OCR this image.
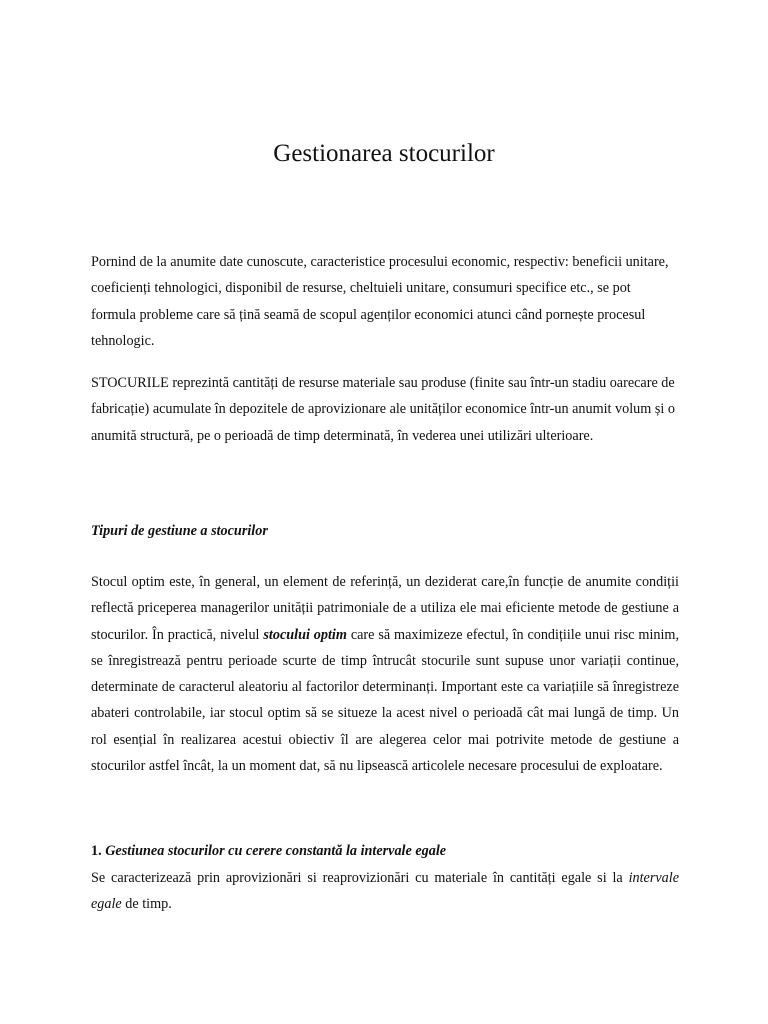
Gestionarea stocurilor

Pornind de la anumite date cunoscute, caracteristice procesului economic, respectiv: beneficii unitare, coeficienți tehnologici, disponibil de resurse, cheltuieli unitare, consumuri specifice etc., se pot formula probleme care să țină seamă de scopul agenților economici atunci când pornește procesul tehnologic.

STOCURILE reprezintă cantități de resurse materiale sau produse (finite sau într-un stadiu oarecare de fabricație) acumulate în depozitele de aprovizionare ale unităților economice într-un anumit volum și o anumită structură, pe o perioadă de timp determinată, în vederea unei utilizări ulterioare.

Tipuri de gestiune a stocurilor

Stocul optim este, în general, un element de referință, un deziderat care,în funcție de anumite condiții reflectă priceperea managerilor unității patrimoniale de a utiliza ele mai eficiente metode de gestiune a stocurilor. În practică, nivelul stocului optim care să maximizeze efectul, în condițiile unui risc minim, se înregistrează pentru perioade scurte de timp întrucât stocurile sunt supuse unor variații continue, determinate de caracterul aleatoriu al factorilor determinanți. Important este ca variațiile să înregistreze abateri controlabile, iar stocul optim să se situeze la acest nivel o perioadă cât mai lungă de timp. Un rol esențial în realizarea acestui obiectiv îl are alegerea celor mai potrivite metode de gestiune a stocurilor astfel încât, la un moment dat, să nu lipsească articolele necesare procesului de exploatare.

1. Gestiunea stocurilor cu cerere constantă la intervale egale

Se caracterizează prin aprovizionări si reaprovizionări cu materiale în cantități egale si la intervale egale de timp.
